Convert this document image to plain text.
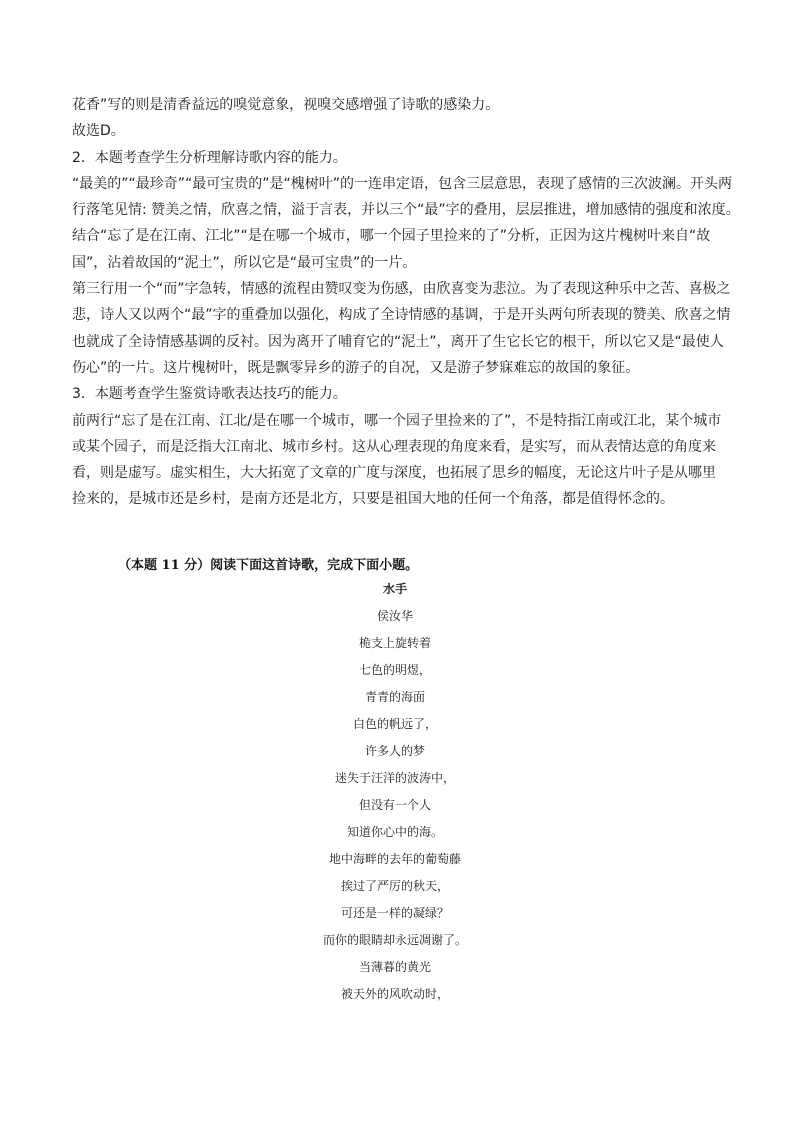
花香”写的则是清香益远的嗅觉意象，视嗅交感增强了诗歌的感染力。
故选D。
2．本题考查学生分析理解诗歌内容的能力。
“最美的”“最珍奇”“最可宝贵的”是“槐树叶”的一连串定语，包含三层意思，表现了感情的三次波澜。开头两
行落笔见情: 赞美之情，欣喜之情，溢于言表，并以三个“最”字的叠用，层层推进，增加感情的强度和浓度。
结合“忘了是在江南、江北”“是在哪一个城市，哪一个园子里捡来的了”分析，正因为这片槐树叶来自“故
国”，沾着故国的“泥土”，所以它是“最可宝贵”的一片。
第三行用一个“而”字急转，情感的流程由赞叹变为伤感，由欣喜变为悲泣。为了表现这种乐中之苦、喜极之
悲，诗人又以两个“最”字的重叠加以强化，构成了全诗情感的基调，于是开头两句所表现的赞美、欣喜之情
也就成了全诗情感基调的反衬。因为离开了哺育它的“泥土”，离开了生它长它的根干，所以它又是“最使人
伤心”的一片。这片槐树叶，既是飘零异乡的游子的自况，又是游子梦寐难忘的故国的象征。
3．本题考查学生鉴赏诗歌表达技巧的能力。
前两行“忘了是在江南、江北/是在哪一个城市，哪一个园子里捡来的了”，不是特指江南或江北，某个城市
或某个园子，而是泛指大江南北、城市乡村。这从心理表现的角度来看，是实写，而从表情达意的角度来
看，则是虚写。虚实相生，大大拓宽了文章的广度与深度，也拓展了思乡的幅度，无论这片叶子是从哪里
捡来的，是城市还是乡村，是南方还是北方，只要是祖国大地的任何一个角落，都是值得怀念的。
（本题 11 分）阅读下面这首诗歌，完成下面小题。
水手
侯汝华
桅支上旋转着
七色的明煜，
青青的海面
白色的帆远了，
许多人的梦
迷失于汪洋的波涛中，
但没有一个人
知道你心中的海。
地中海畔的去年的葡萄藤
挨过了严厉的秋天，
可还是一样的凝绿？
而你的眼睛却永远凋谢了。
当薄暮的黄光
被天外的风吹动时，
